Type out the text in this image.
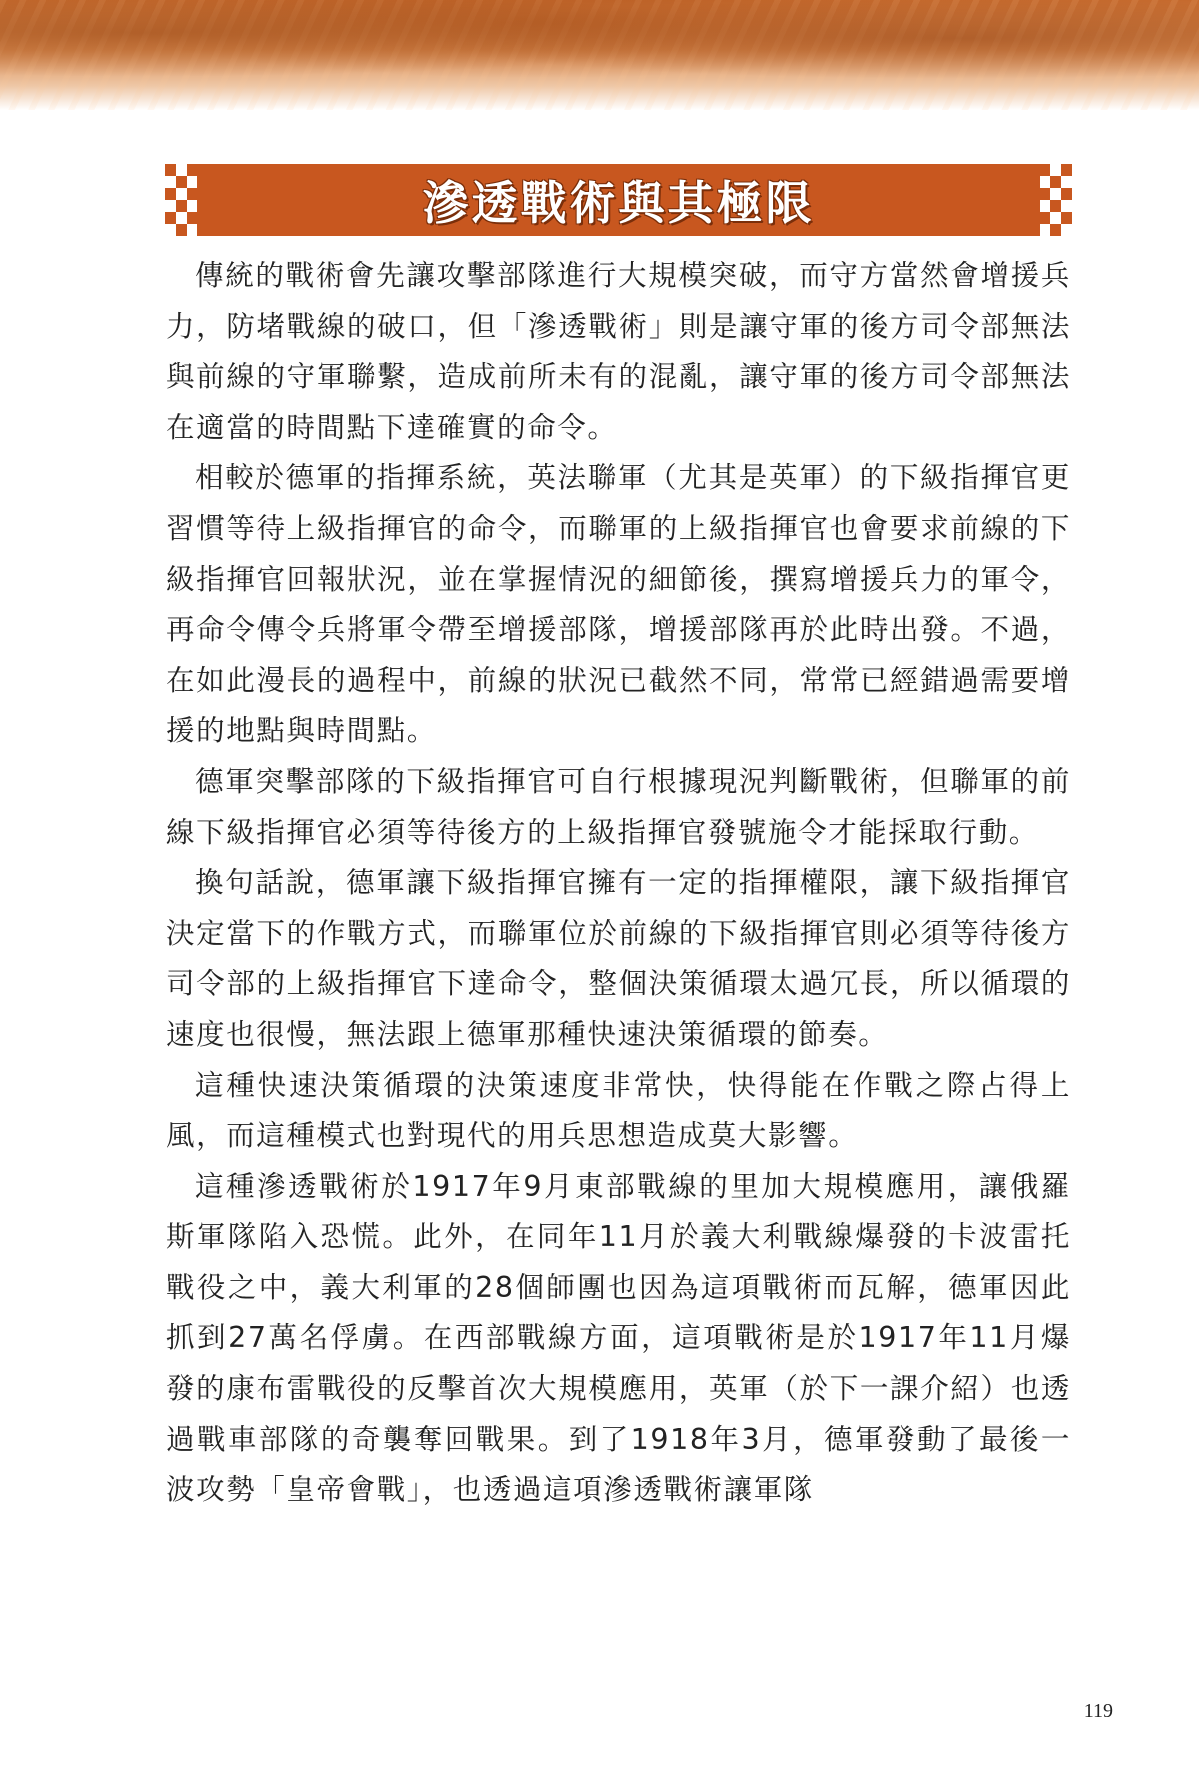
滲透戰術與其極限

傳統的戰術會先讓攻擊部隊進行大規模突破，而守方當然會增援兵力，防堵戰線的破口，但「滲透戰術」則是讓守軍的後方司令部無法與前線的守軍聯繫，造成前所未有的混亂，讓守軍的後方司令部無法在適當的時間點下達確實的命令。

相較於德軍的指揮系統，英法聯軍（尤其是英軍）的下級指揮官更習慣等待上級指揮官的命令，而聯軍的上級指揮官也會要求前線的下級指揮官回報狀況，並在掌握情況的細節後，撰寫增援兵力的軍令，再命令傳令兵將軍令帶至增援部隊，增援部隊再於此時出發。不過，在如此漫長的過程中，前線的狀況已截然不同，常常已經錯過需要增援的地點與時間點。

德軍突擊部隊的下級指揮官可自行根據現況判斷戰術，但聯軍的前線下級指揮官必須等待後方的上級指揮官發號施令才能採取行動。

換句話說，德軍讓下級指揮官擁有一定的指揮權限，讓下級指揮官決定當下的作戰方式，而聯軍位於前線的下級指揮官則必須等待後方司令部的上級指揮官下達命令，整個決策循環太過冗長，所以循環的速度也很慢，無法跟上德軍那種快速決策循環的節奏。

這種快速決策循環的決策速度非常快，快得能在作戰之際占得上風，而這種模式也對現代的用兵思想造成莫大影響。

這種滲透戰術於1917年9月東部戰線的里加大規模應用，讓俄羅斯軍隊陷入恐慌。此外，在同年11月於義大利戰線爆發的卡波雷托戰役之中，義大利軍的28個師團也因為這項戰術而瓦解，德軍因此抓到27萬名俘虜。在西部戰線方面，這項戰術是於1917年11月爆發的康布雷戰役的反擊首次大規模應用，英軍（於下一課介紹）也透過戰車部隊的奇襲奪回戰果。到了1918年3月，德軍發動了最後一波攻勢「皇帝會戰」，也透過這項滲透戰術讓軍隊

119
